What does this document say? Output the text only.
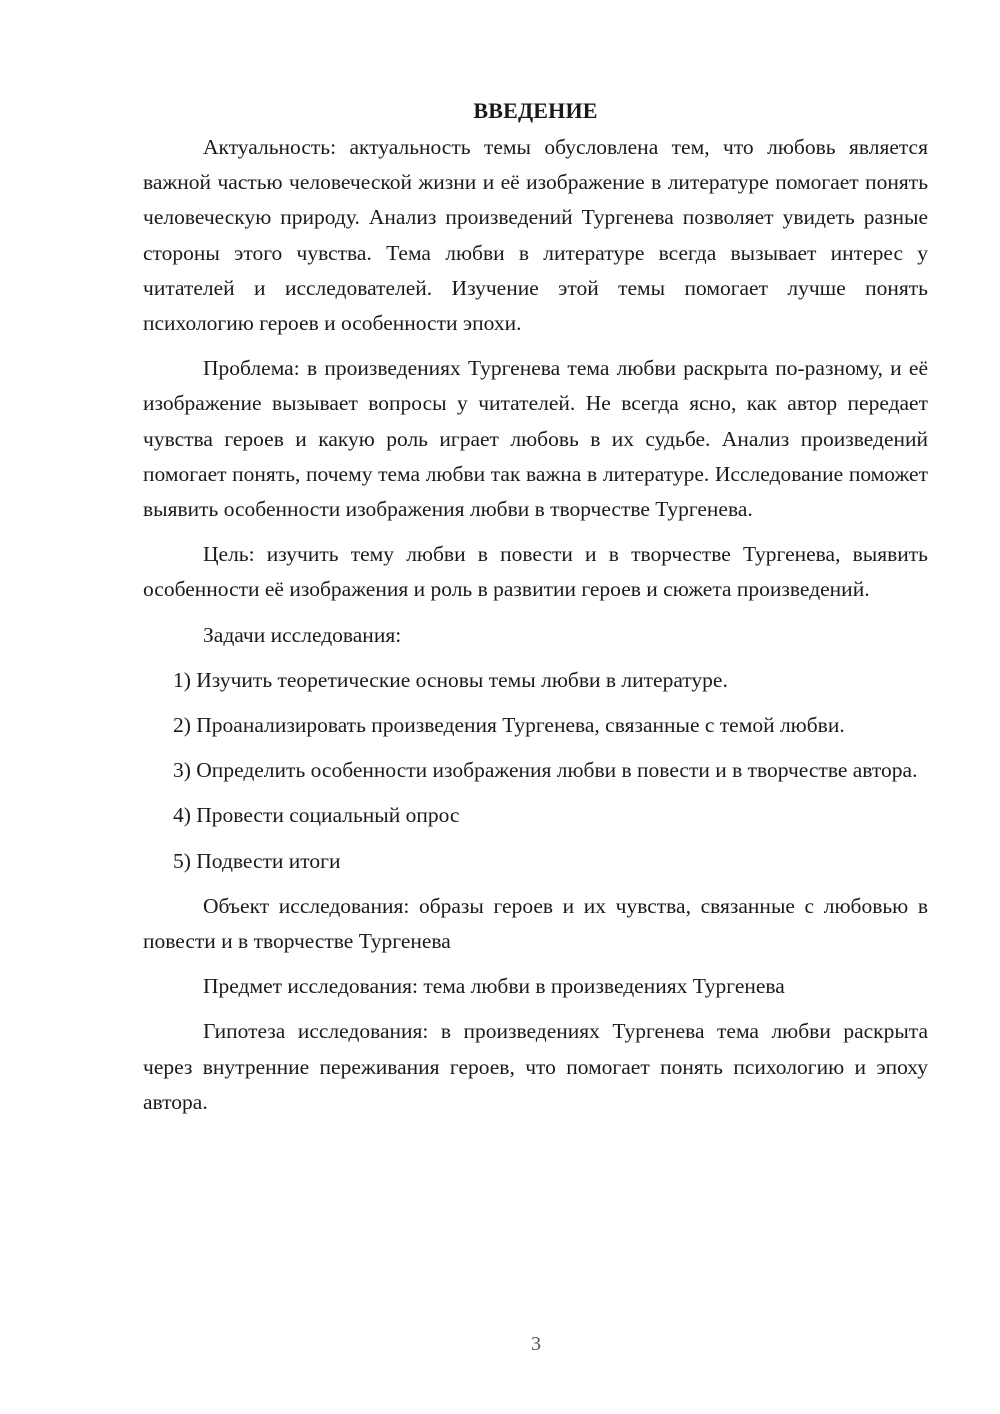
ВВЕДЕНИЕ

Актуальность: актуальность темы обусловлена тем, что любовь является важной частью человеческой жизни и её изображение в литературе помогает понять человеческую природу. Анализ произведений Тургенева позволяет увидеть разные стороны этого чувства. Тема любви в литературе всегда вызывает интерес у читателей и исследователей. Изучение этой темы помогает лучше понять психологию героев и особенности эпохи.

Проблема: в произведениях Тургенева тема любви раскрыта по-разному, и её изображение вызывает вопросы у читателей. Не всегда ясно, как автор передает чувства героев и какую роль играет любовь в их судьбе. Анализ произведений помогает понять, почему тема любви так важна в литературе. Исследование поможет выявить особенности изображения любви в творчестве Тургенева.

Цель: изучить тему любви в повести и в творчестве Тургенева, выявить особенности её изображения и роль в развитии героев и сюжета произведений.

Задачи исследования:

1) Изучить теоретические основы темы любви в литературе.

2) Проанализировать произведения Тургенева, связанные с темой любви.

3) Определить особенности изображения любви в повести и в творчестве автора.

4) Провести социальный опрос

5) Подвести итоги

Объект исследования: образы героев и их чувства, связанные с любовью в повести и в творчестве Тургенева

Предмет исследования: тема любви в произведениях Тургенева

Гипотеза исследования: в произведениях Тургенева тема любви раскрыта через внутренние переживания героев, что помогает понять психологию и эпоху автора.

3
